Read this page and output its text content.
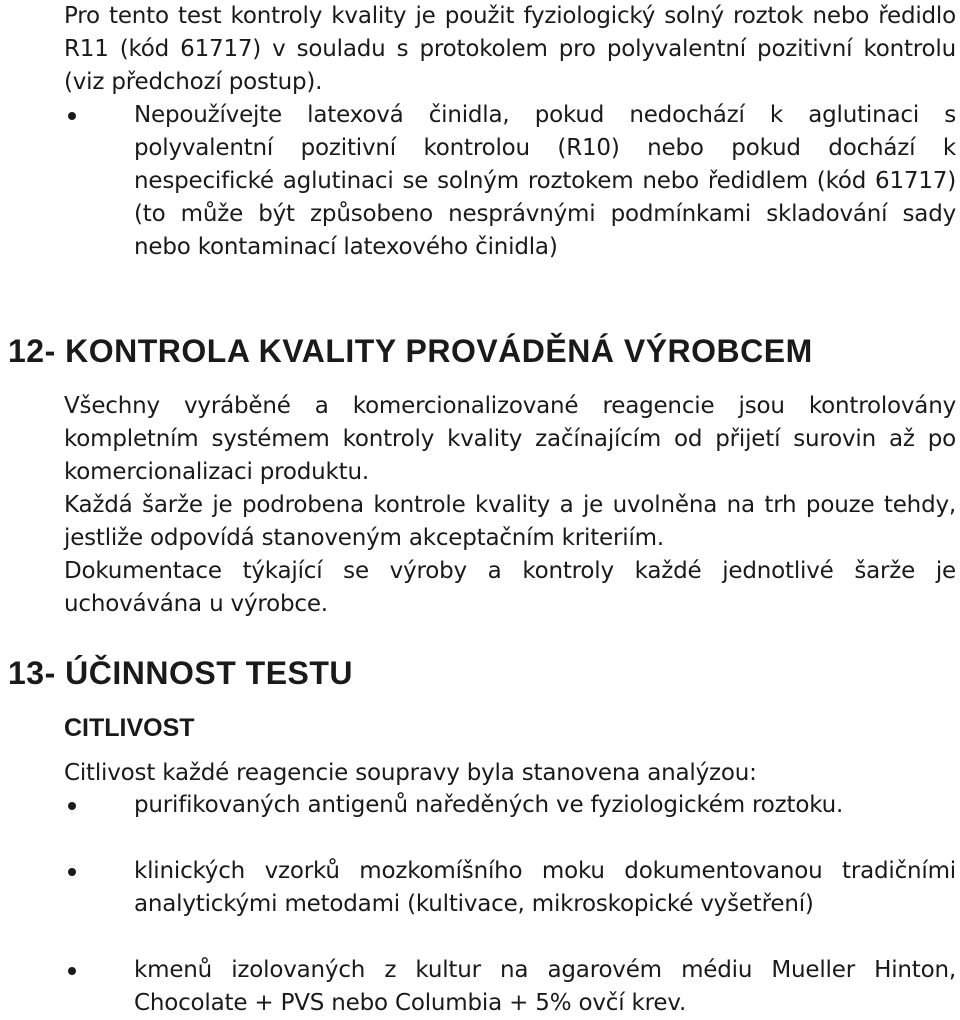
Pro tento test kontroly kvality je použit fyziologický solný roztok nebo ředidlo R11 (kód 61717) v souladu s protokolem pro polyvalentní pozitivní kontrolu (viz předchozí postup).
Nepoužívejte latexová činidla, pokud nedochází k aglutinaci s polyvalentní pozitivní kontrolou (R10) nebo pokud dochází k nespecifické aglutinaci se solným roztokem nebo ředidlem (kód 61717) (to může být způsobeno nesprávnými podmínkami skladování sady nebo kontaminací latexového činidla)
12- KONTROLA KVALITY PROVÁDĚNÁ VÝROBCEM
Všechny vyráběné a komercionalizované reagencie jsou kontrolovány kompletním systémem kontroly kvality začínajícím od přijetí surovin až po komercionalizaci produktu.
Každá šarže je podrobena kontrole kvality a je uvolněna na trh pouze tehdy, jestliže odpovídá stanoveným akceptačním kriteriím.
Dokumentace týkající se výroby a kontroly každé jednotlivé šarže je uchovávána u výrobce.
13- ÚČINNOST TESTU
CITLIVOST
Citlivost každé reagencie soupravy byla stanovena analýzou:
purifikovaných antigenů naředěných ve fyziologickém roztoku.
klinických vzorků mozkomíšního moku dokumentovanou tradičními analytickými metodami (kultivace, mikroskopické vyšetření)
kmenů izolovaných z kultur na agarovém médiu Mueller Hinton, Chocolate + PVS nebo Columbia + 5% ovčí krev.
